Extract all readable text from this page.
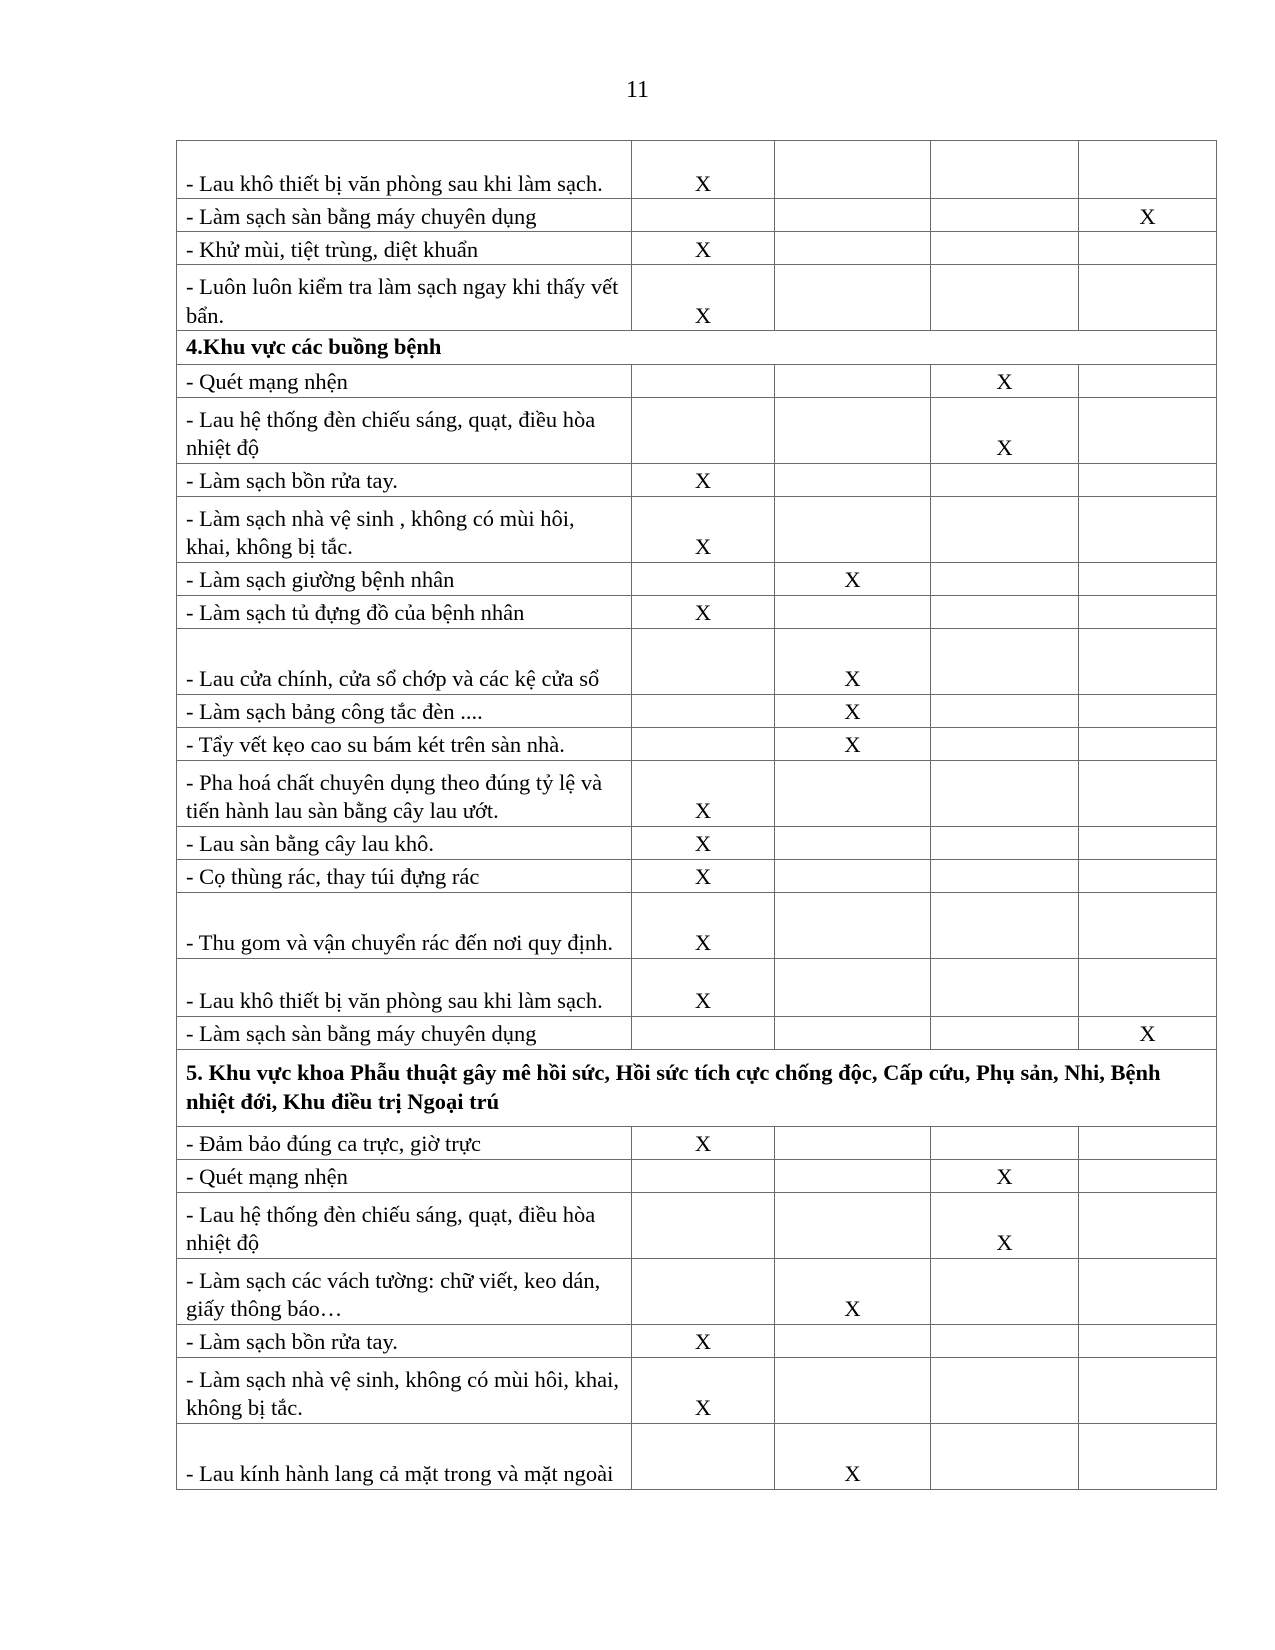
11
- Lau khô thiết bị văn phòng sau khi làm sạch.	X			
- Làm sạch sàn bằng máy chuyên dụng				X
- Khử mùi, tiệt trùng, diệt khuẩn	X			
- Luôn luôn kiểm tra làm sạch ngay khi thấy vết bẩn.	X			
4.Khu vực các buồng bệnh				
- Quét mạng nhện			X	
- Lau hệ thống đèn chiếu sáng, quạt, điều hòa nhiệt độ			X	
- Làm sạch bồn rửa tay.	X			
- Làm sạch nhà vệ sinh , không có mùi hôi, khai, không bị tắc.	X			
- Làm sạch giường bệnh nhân		X		
- Làm sạch tủ đựng đồ của bệnh nhân	X			
- Lau cửa chính, cửa sổ chớp và các kệ cửa sổ		X		
- Làm sạch bảng công tắc đèn ....		X		
- Tẩy vết kẹo cao su bám két trên sàn nhà.		X		
- Pha hoá chất chuyên dụng theo đúng tỷ lệ và tiến hành lau sàn bằng cây lau ướt.	X			
- Lau sàn bằng cây lau khô.	X			
- Cọ thùng rác, thay túi đựng rác	X			
- Thu gom và vận chuyển rác đến nơi quy định.	X			
- Lau khô thiết bị văn phòng sau khi làm sạch.	X			
- Làm sạch sàn bằng máy chuyên dụng				X
5. Khu vực khoa Phẫu thuật gây mê hồi sức, Hồi sức tích cực chống độc, Cấp cứu, Phụ sản, Nhi, Bệnh nhiệt đới, Khu điều trị Ngoại trú				
- Đảm bảo đúng ca trực, giờ trực	X			
- Quét mạng nhện			X	
- Lau hệ thống đèn chiếu sáng, quạt, điều hòa nhiệt độ			X	
- Làm sạch các vách tường: chữ viết, keo dán, giấy thông báo…		X		
- Làm sạch bồn rửa tay.	X			
- Làm sạch nhà vệ sinh, không có mùi hôi, khai, không bị tắc.	X			
- Lau kính hành lang cả mặt trong và mặt ngoài		X		
